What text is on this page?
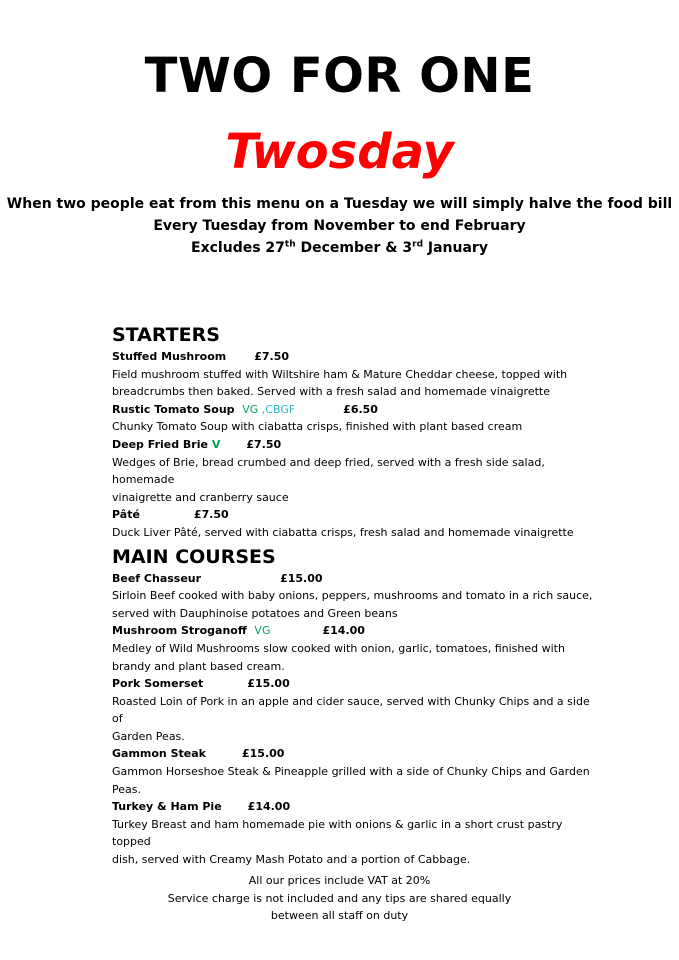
TWO FOR ONE
Twosday
When two people eat from this menu on a Tuesday we will simply halve the food bill
Every Tuesday from November to end February
Excludes 27th December & 3rd January
STARTERS
Stuffed Mushroom	£7.50
Field mushroom stuffed with Wiltshire ham & Mature Cheddar cheese, topped with
breadcrumbs then baked. Served with a fresh salad and homemade vinaigrette
Rustic Tomato Soup VG ,CBGF	£6.50
Chunky Tomato Soup with ciabatta crisps, finished with plant based cream
Deep Fried Brie V £7.50
Wedges of Brie, bread crumbed and deep fried, served with a fresh side salad, homemade
vinaigrette and cranberry sauce
Pâté	£7.50
Duck Liver Pâté, served with ciabatta crisps, fresh salad and homemade vinaigrette
MAIN COURSES
Beef Chasseur	£15.00
Sirloin Beef cooked with baby onions, peppers, mushrooms and tomato in a rich sauce,
served with Dauphinoise potatoes and Green beans
Mushroom Stroganoff VG	£14.00
Medley of Wild Mushrooms slow cooked with onion, garlic, tomatoes, finished with
brandy and plant based cream.
Pork Somerset	£15.00
Roasted Loin of Pork in an apple and cider sauce, served with Chunky Chips and a side of
Garden Peas.
Gammon Steak	£15.00
Gammon Horseshoe Steak & Pineapple grilled with a side of Chunky Chips and Garden
Peas.
Turkey & Ham Pie £14.00
Turkey Breast and ham homemade pie with onions & garlic in a short crust pastry topped
dish, served with Creamy Mash Potato and a portion of Cabbage.
All our prices include VAT at 20%
Service charge is not included and any tips are shared equally
between all staff on duty
